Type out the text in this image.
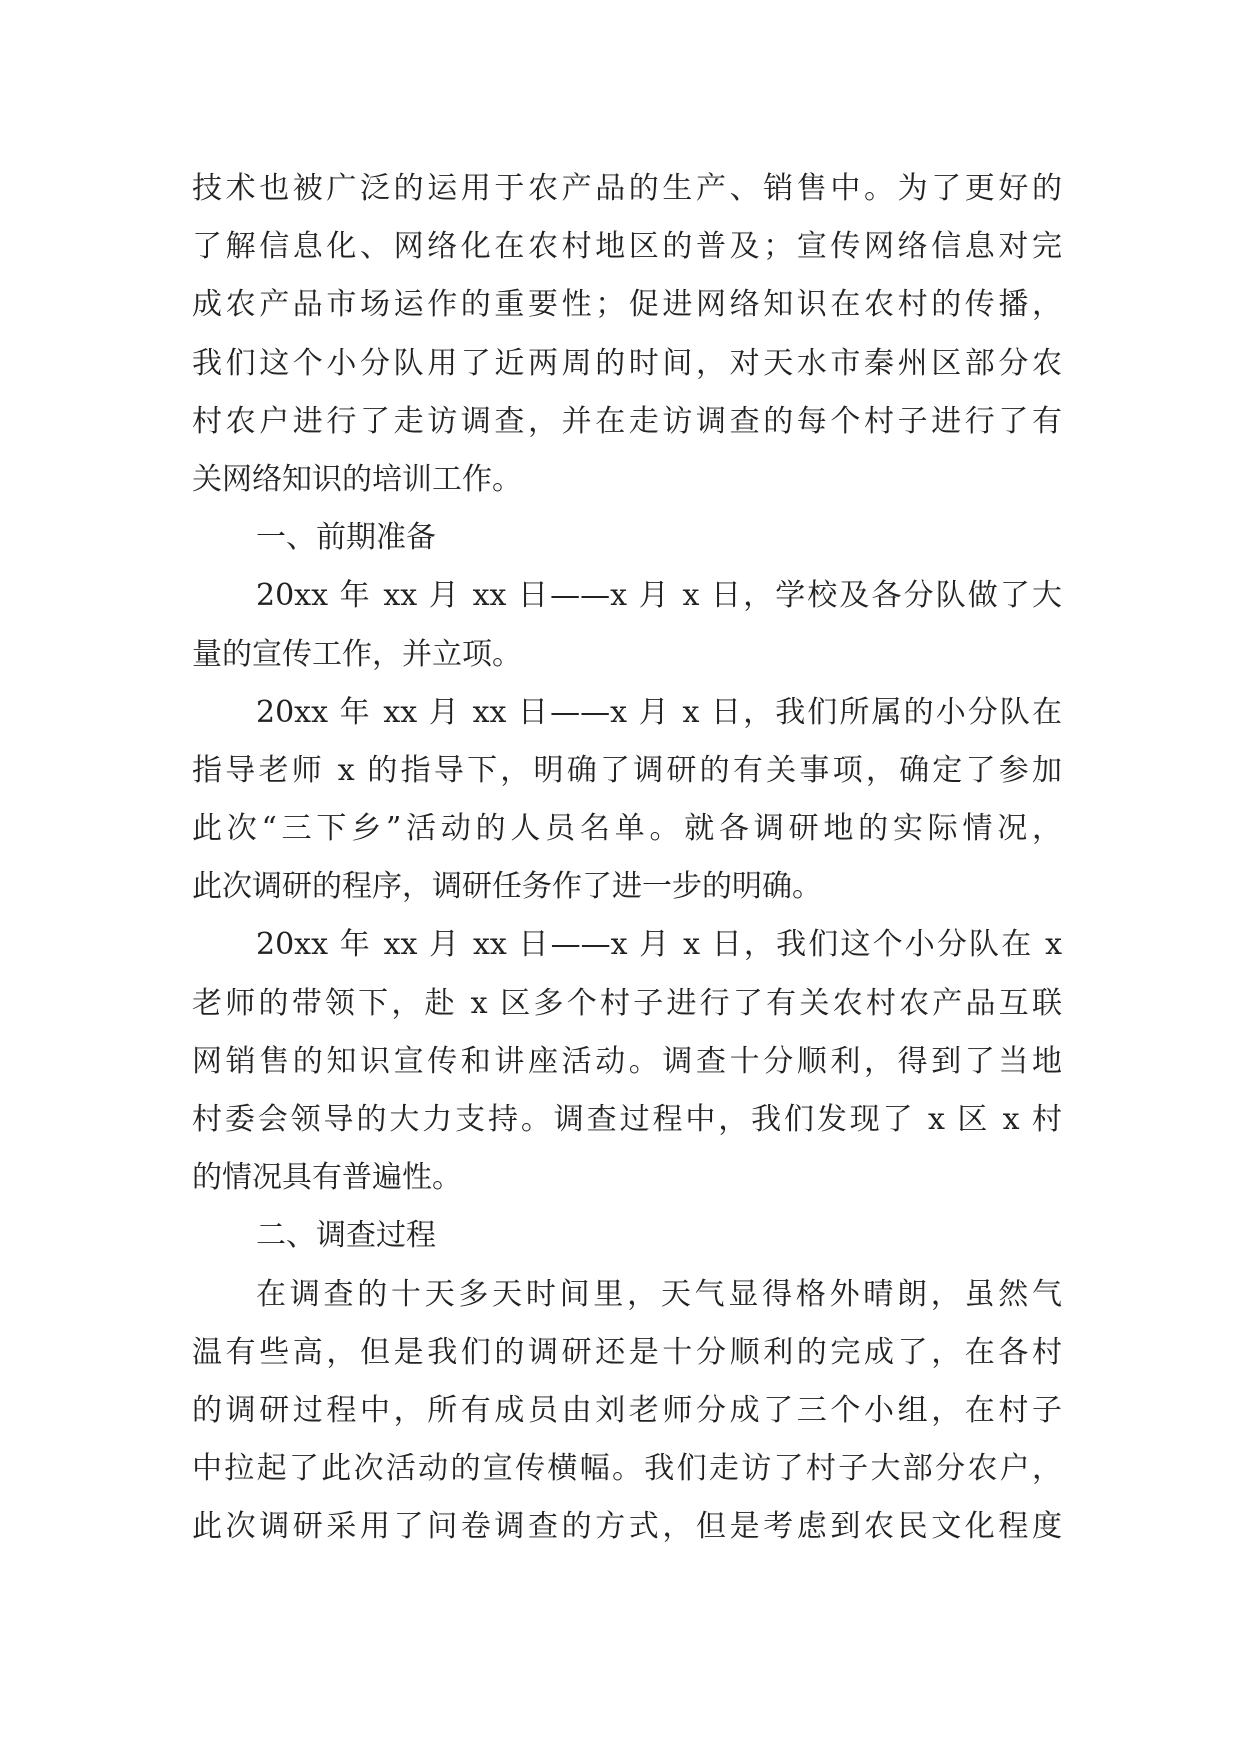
技术也被广泛的运用于农产品的生产、销售中。为了更好的
了解信息化、网络化在农村地区的普及；宣传网络信息对完
成农产品市场运作的重要性；促进网络知识在农村的传播，
我们这个小分队用了近两周的时间，对天水市秦州区部分农
村农户进行了走访调查，并在走访调查的每个村子进行了有
关网络知识的培训工作。
一、前期准备
20xx 年 xx 月 xx 日——x 月 x 日，学校及各分队做了大
量的宣传工作，并立项。
20xx 年 xx 月 xx 日——x 月 x 日，我们所属的小分队在
指导老师 x 的指导下，明确了调研的有关事项，确定了参加
此次“三下乡”活动的人员名单。就各调研地的实际情况，
此次调研的程序，调研任务作了进一步的明确。
20xx 年 xx 月 xx 日——x 月 x 日，我们这个小分队在 x
老师的带领下，赴 x 区多个村子进行了有关农村农产品互联
网销售的知识宣传和讲座活动。调查十分顺利，得到了当地
村委会领导的大力支持。调查过程中，我们发现了 x 区 x 村
的情况具有普遍性。
二、调查过程
在调查的十天多天时间里，天气显得格外晴朗，虽然气
温有些高，但是我们的调研还是十分顺利的完成了，在各村
的调研过程中，所有成员由刘老师分成了三个小组，在村子
中拉起了此次活动的宣传横幅。我们走访了村子大部分农户，
此次调研采用了问卷调查的方式，但是考虑到农民文化程度
